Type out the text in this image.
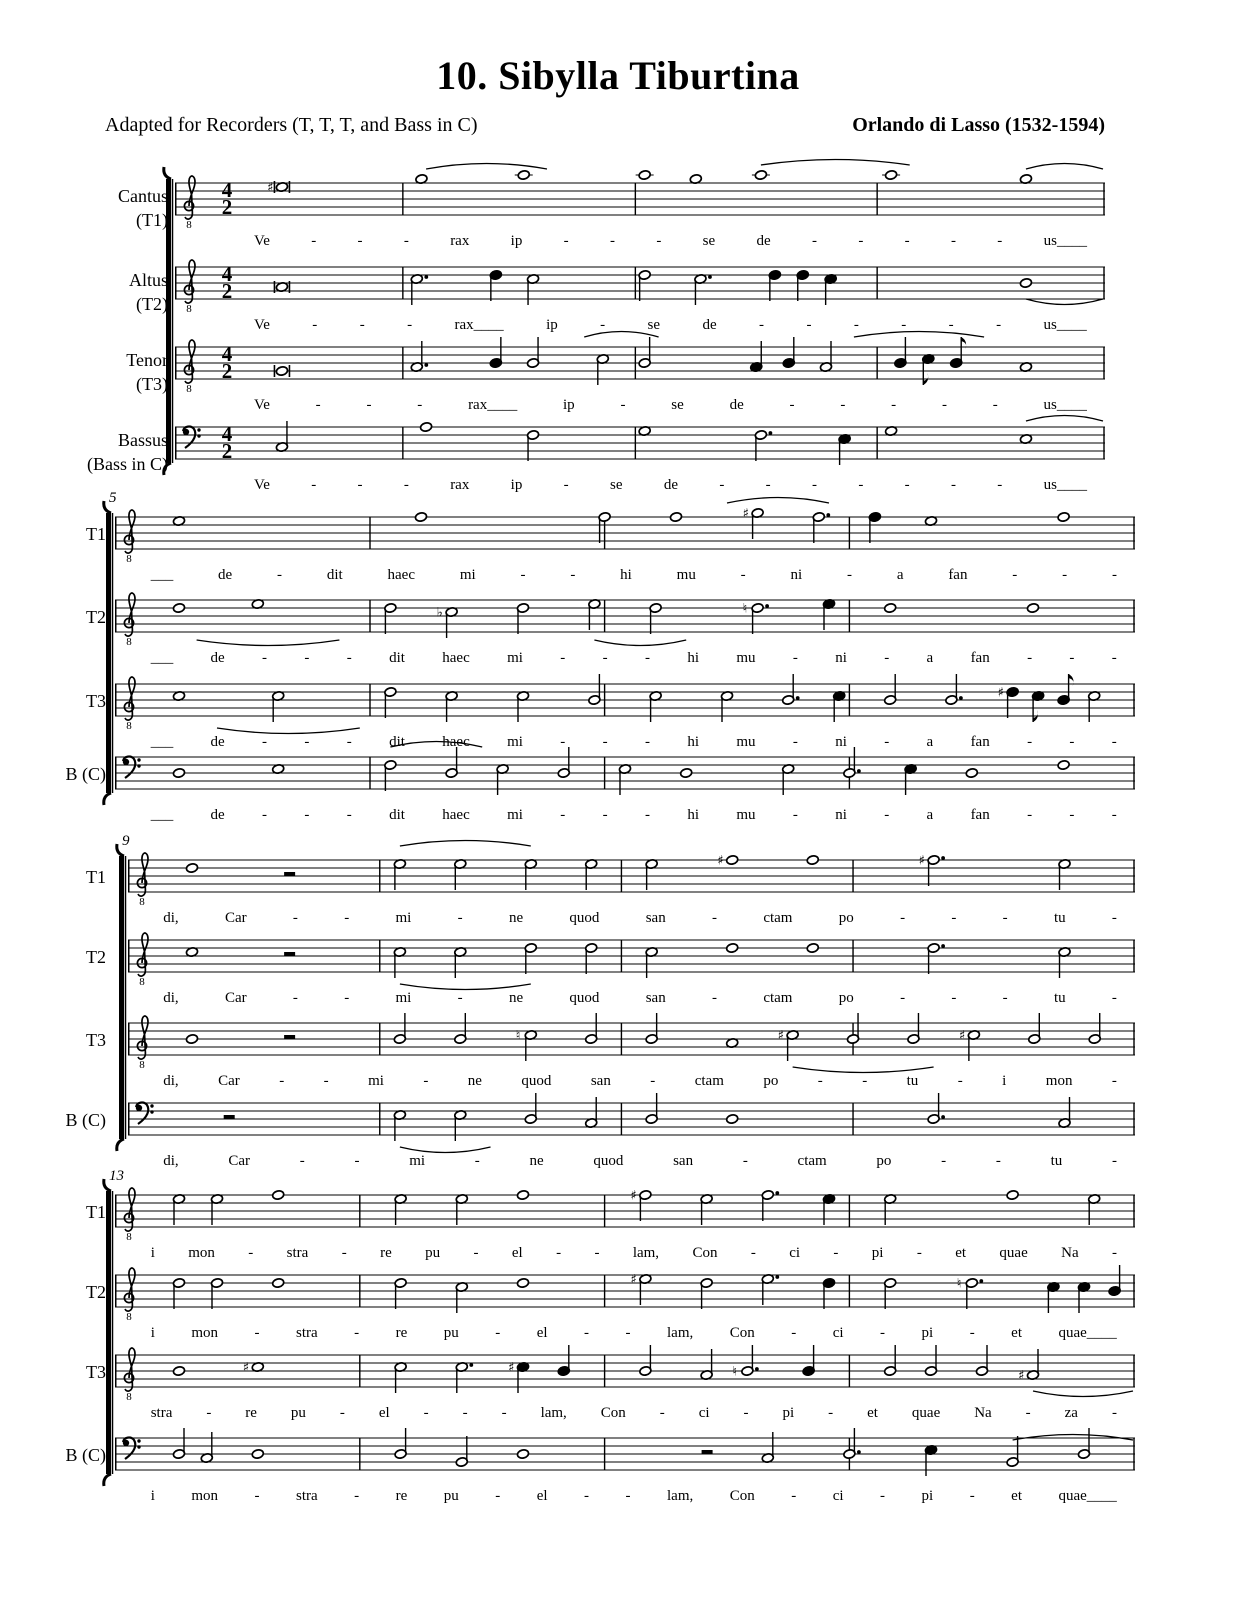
10. Sibylla Tiburtina
Adapted for Recorders (T, T, T, and Bass in C)	Orlando di Lasso (1532-1594)
Cantus
(T1) 8
4
2
♯
Ve	-	-	-	rax	ip	-	-	-	se	de	-	-	-	-	-	us____
Altus
(T2) 8
4
2
Ve	-	-	-	rax____	ip	-	se	de	-	-	-	-	-	-	us____
Tenor
(T3) 8
4
2
Ve	-	-	-	rax____	ip	-	se	de	-	-	-	-	-	us____
Bassus
(Bass in C)
4
2
Ve	-	-	-	rax	ip	-	se	de	-	-	-	-	-	-	-	us____
5
T1
8
♯
___	de	-	dit	haec	mi	-	-	hi	mu	-	ni	-	a	fan	-	-	-
T2
8
♭	♮
___ de - - - dit haec mi - - - hi mu - ni - a fan - - -
T3
8
♯
___ de - - - dit haec mi - - - hi mu - ni - a fan - - -
B (C)
___ de - - - dit haec mi - - - hi mu - ni - a fan - - -
9
T1
8
♯	♯
di,	Car	-	-	mi	-	ne	quod	san	-	ctam	po	-	-	-	tu	-
T2
8
di,	Car	-	-	mi	-	ne	quod	san	-	ctam	po	-	-	-	tu	-
T3
8
♮	♯	♯
di,	Car	-	-	mi	-	ne	quod	san	-	ctam	po	-	-	tu	-	i	mon	-
B (C)
di,	Car	-	-	mi	-	ne	quod	san	-	ctam	po	-	-	tu	-
13
T1
8
♯
i mon - stra - re pu - el - - lam, Con - ci - pi - et quae Na -
T2
8
♯	♮
i mon - stra - re pu - el - - lam, Con - ci - pi - et quae____
T3
8
♯	♯	♮	♯
stra - re pu - el - - - lam, Con - ci - pi - et quae Na - za -
B (C)
i mon - stra - re pu - el - - lam, Con - ci - pi - et quae____
